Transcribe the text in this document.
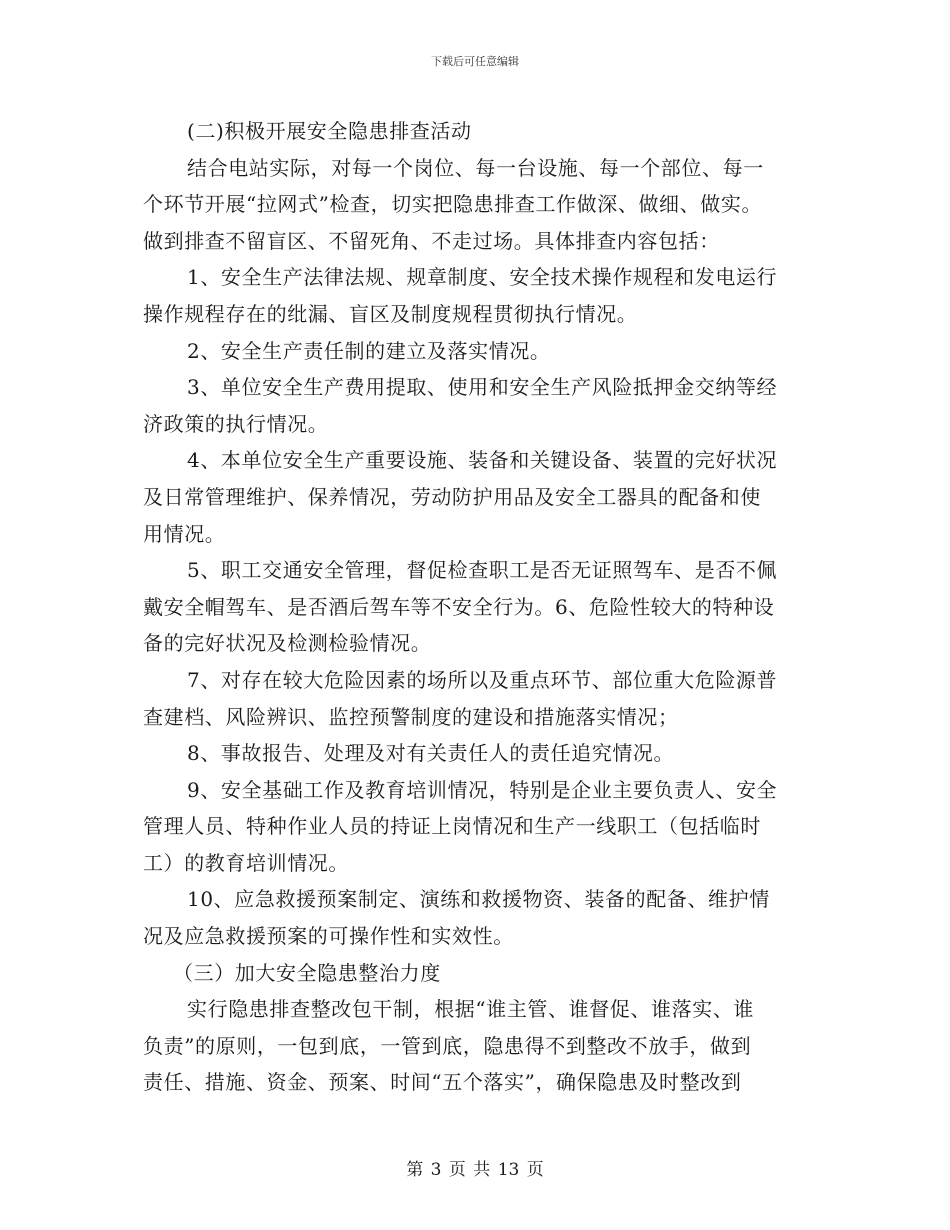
下载后可任意编辑
(二)积极开展安全隐患排查活动
结合电站实际，对每一个岗位、每一台设施、每一个部位、每一
个环节开展“拉网式”检查，切实把隐患排查工作做深、做细、做实。
做到排查不留盲区、不留死角、不走过场。具体排查内容包括：
1、安全生产法律法规、规章制度、安全技术操作规程和发电运行
操作规程存在的纰漏、盲区及制度规程贯彻执行情况。
2、安全生产责任制的建立及落实情况。
3、单位安全生产费用提取、使用和安全生产风险抵押金交纳等经
济政策的执行情况。
4、本单位安全生产重要设施、装备和关键设备、装置的完好状况
及日常管理维护、保养情况，劳动防护用品及安全工器具的配备和使
用情况。
5、职工交通安全管理，督促检查职工是否无证照驾车、是否不佩
戴安全帽驾车、是否酒后驾车等不安全行为。6、危险性较大的特种设
备的完好状况及检测检验情况。
7、对存在较大危险因素的场所以及重点环节、部位重大危险源普
查建档、风险辨识、监控预警制度的建设和措施落实情况；
8、事故报告、处理及对有关责任人的责任追究情况。
9、安全基础工作及教育培训情况，特别是企业主要负责人、安全
管理人员、特种作业人员的持证上岗情况和生产一线职工（包括临时
工）的教育培训情况。
10、应急救援预案制定、演练和救援物资、装备的配备、维护情
况及应急救援预案的可操作性和实效性。
（三）加大安全隐患整治力度
实行隐患排查整改包干制，根据“谁主管、谁督促、谁落实、谁
负责”的原则，一包到底，一管到底，隐患得不到整改不放手，做到
责任、措施、资金、预案、时间“五个落实”，确保隐患及时整改到
第 3 页 共 13 页
